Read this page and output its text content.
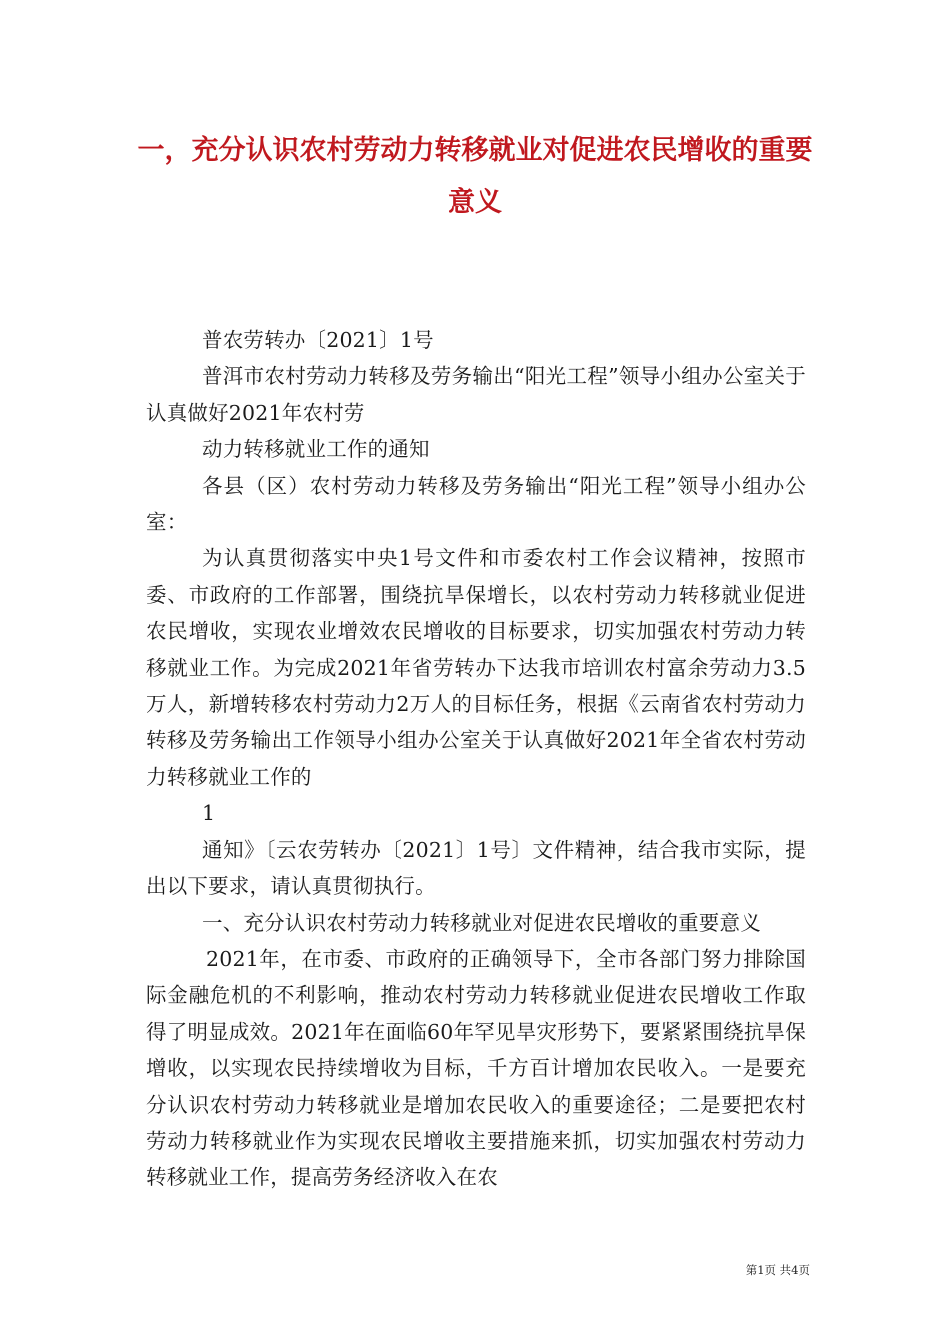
一，充分认识农村劳动力转移就业对促进农民增收的重要
意义

普农劳转办〔2021〕1号

普洱市农村劳动力转移及劳务输出“阳光工程”领导小组办公室关于认真做好2021年农村劳

动力转移就业工作的通知

各县（区）农村劳动力转移及劳务输出“阳光工程”领导小组办公室：

为认真贯彻落实中央1号文件和市委农村工作会议精神，按照市委、市政府的工作部署，围绕抗旱保增长，以农村劳动力转移就业促进农民增收，实现农业增效农民增收的目标要求，切实加强农村劳动力转移就业工作。为完成2021年省劳转办下达我市培训农村富余劳动力3.5万人，新增转移农村劳动力2万人的目标任务，根据《云南省农村劳动力转移及劳务输出工作领导小组办公室关于认真做好2021年全省农村劳动力转移就业工作的

1

通知》〔云农劳转办〔2021〕1号〕文件精神，结合我市实际，提出以下要求，请认真贯彻执行。

一、充分认识农村劳动力转移就业对促进农民增收的重要意义

2021年，在市委、市政府的正确领导下，全市各部门努力排除国际金融危机的不利影响，推动农村劳动力转移就业促进农民增收工作取得了明显成效。2021年在面临60年罕见旱灾形势下，要紧紧围绕抗旱保增收，以实现农民持续增收为目标，千方百计增加农民收入。一是要充分认识农村劳动力转移就业是增加农民收入的重要途径；二是要把农村劳动力转移就业作为实现农民增收主要措施来抓，切实加强农村劳动力转移就业工作，提高劳务经济收入在农

第1页 共4页
